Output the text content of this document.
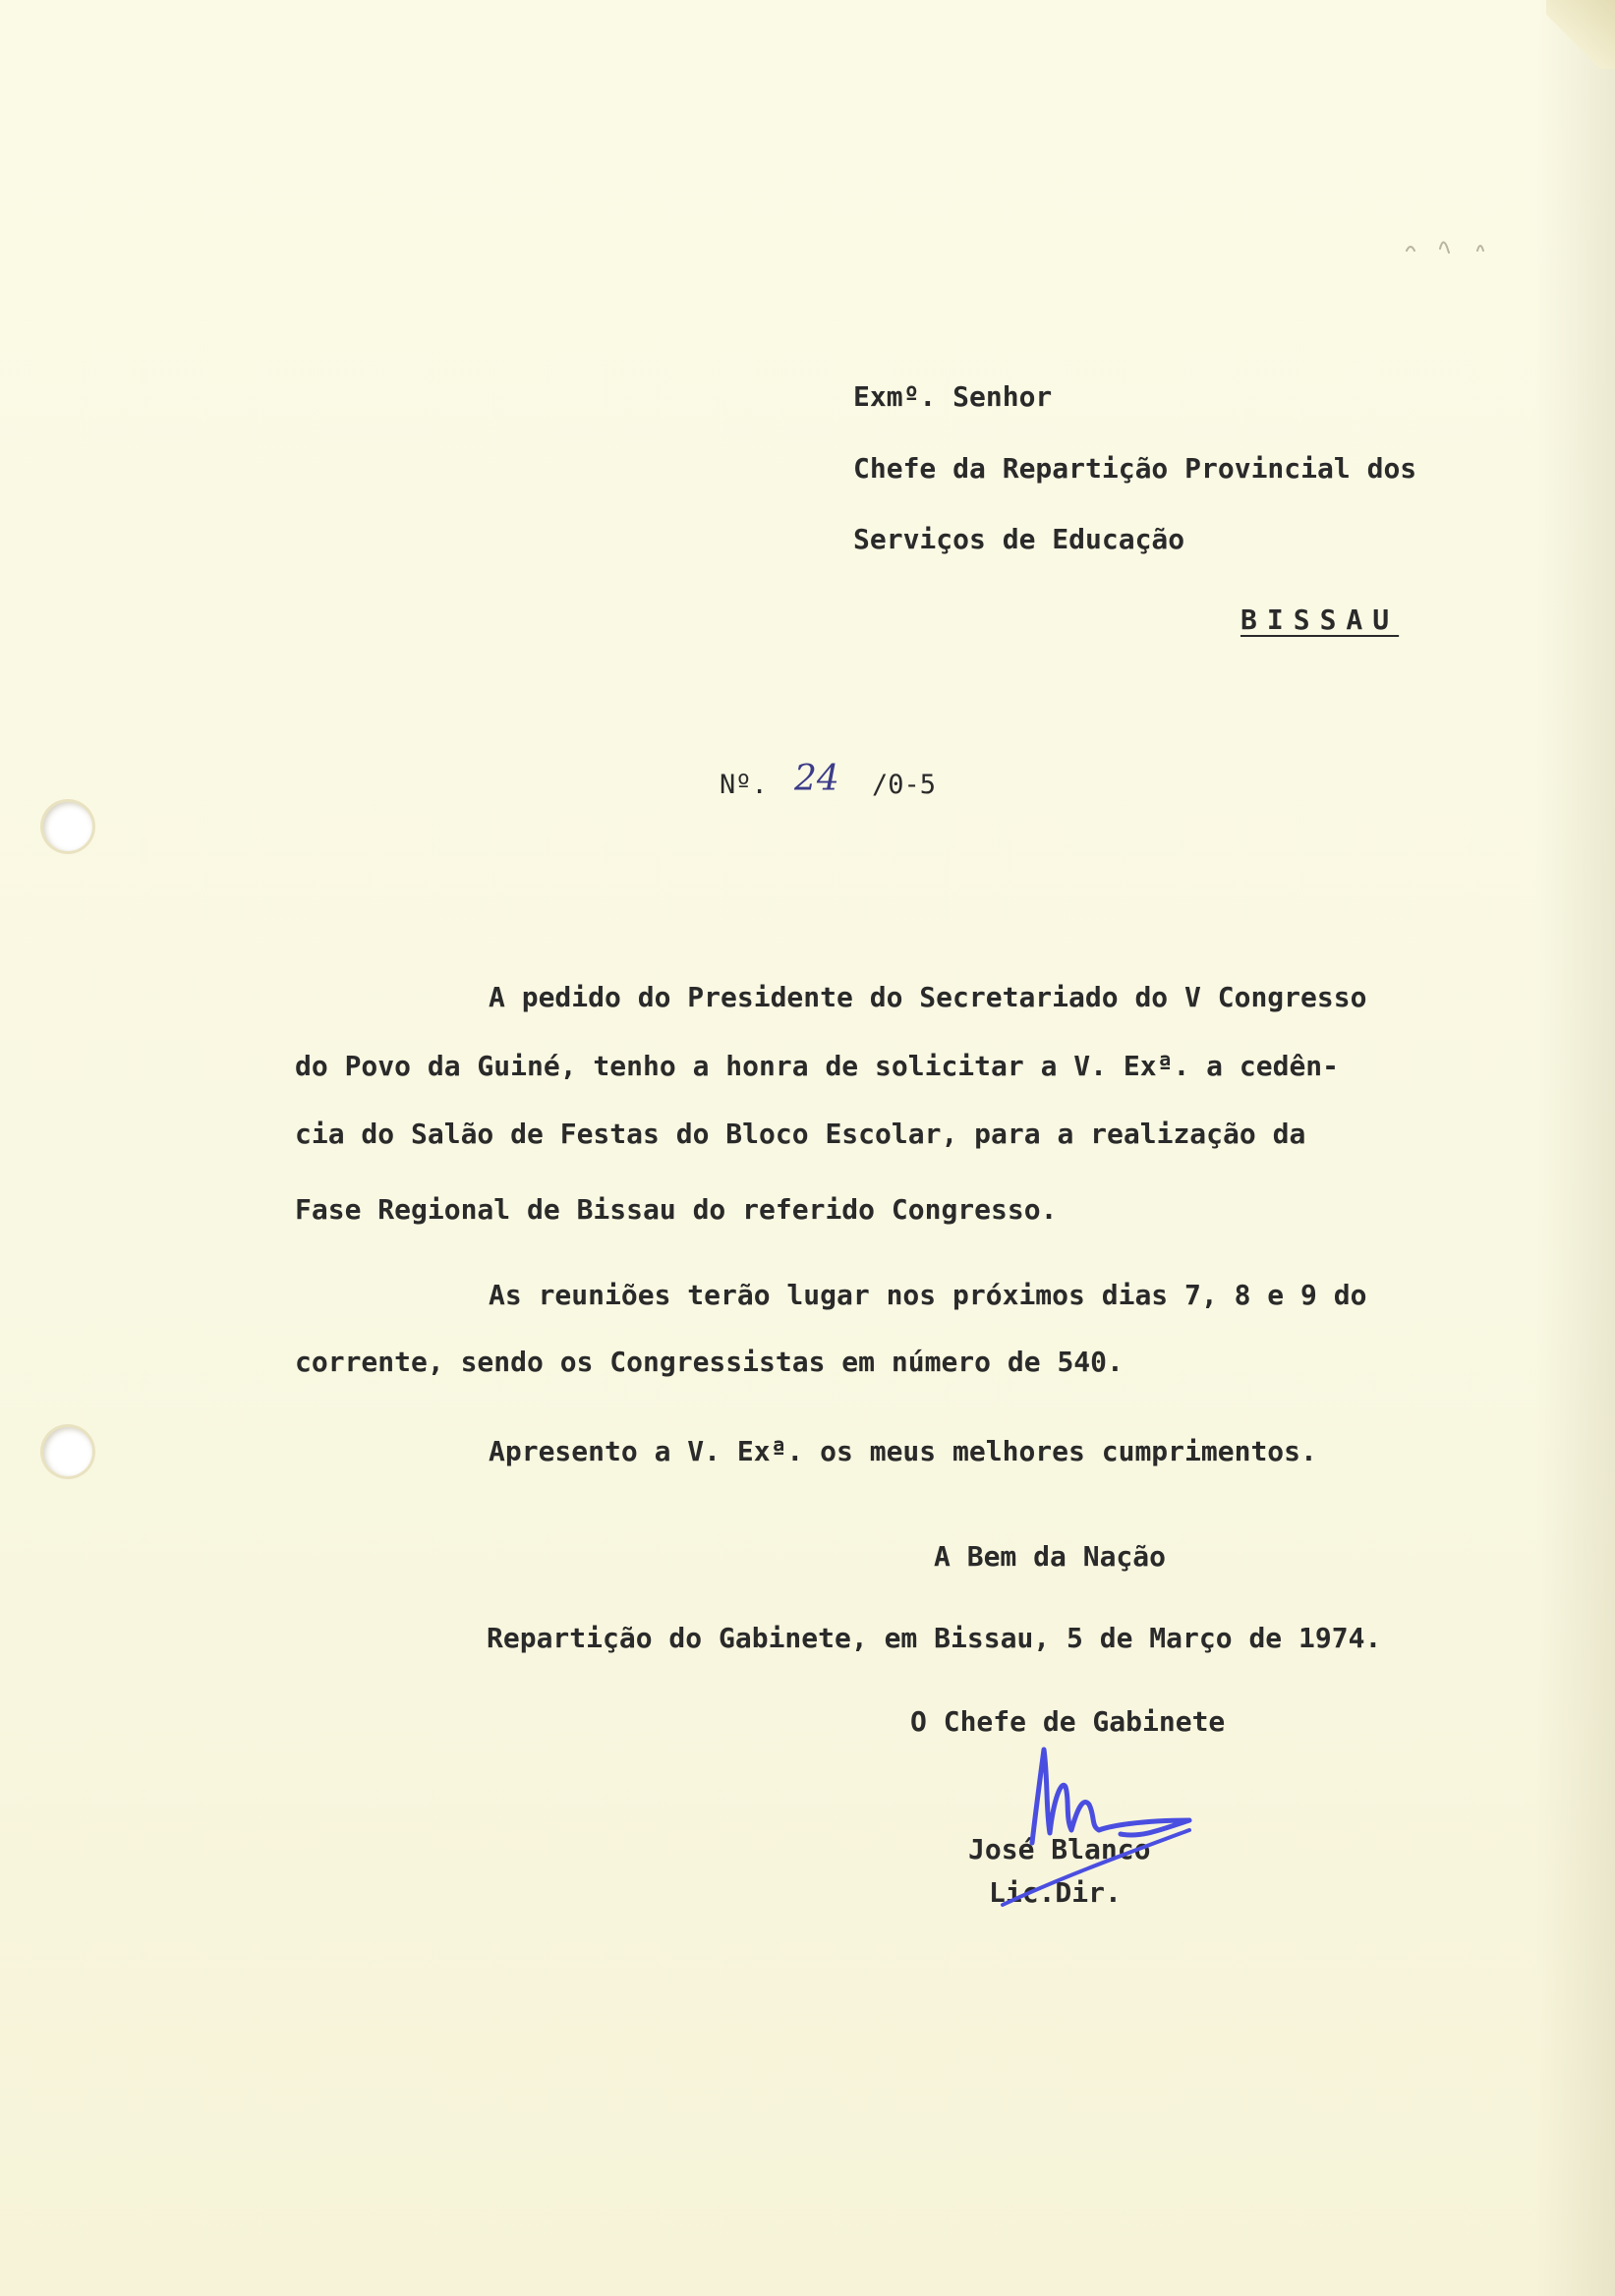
Exmº. Senhor
Chefe da Repartição Provincial dos
Serviços de Educação
BISSAU
Nº. 24 /0-5
A pedido do Presidente do Secretariado do V Congresso
do Povo da Guiné, tenho a honra de solicitar a V. Exª. a cedên-
cia do Salão de Festas do Bloco Escolar, para a realização da
Fase Regional de Bissau do referido Congresso.
As reuniões terão lugar nos próximos dias 7, 8 e 9 do
corrente, sendo os Congressistas em número de 540.
Apresento a V. Exª. os meus melhores cumprimentos.
A Bem da Nação
Repartição do Gabinete, em Bissau, 5 de Março de 1974.
O Chefe de Gabinete
José Blanco
Lic.Dir.
